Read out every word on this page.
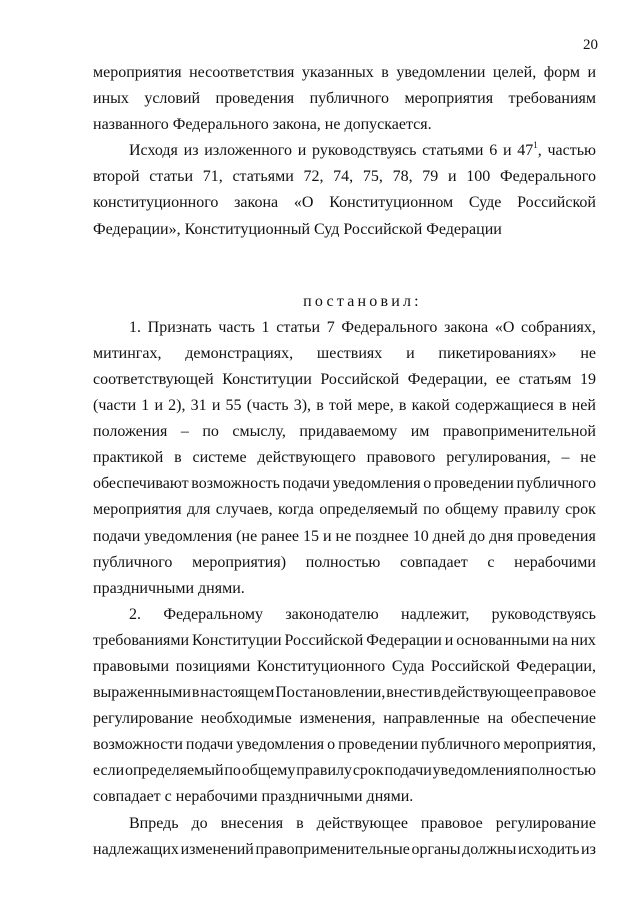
20
мероприятия несоответствия указанных в уведомлении целей, форм и
иных условий проведения публичного мероприятия требованиям
названного Федерального закона, не допускается.
Исходя из изложенного и руководствуясь статьями 6 и $47^1$, частью
второй статьи 71, статьями 72, 74, 75, 78, 79 и 100 Федерального
конституционного закона «О Конституционном Суде Российской
Федерации», Конституционный Суд Российской Федерации
постановил:
1. Признать часть 1 статьи 7 Федерального закона «О собраниях,
митингах, демонстрациях, шествиях и пикетированиях» не
соответствующей Конституции Российской Федерации, ее статьям 19
(части 1 и 2), 31 и 55 (часть 3), в той мере, в какой содержащиеся в ней
положения – по смыслу, придаваемому им правоприменительной
практикой в системе действующего правового регулирования, – не
обеспечивают возможность подачи уведомления о проведении публичного
мероприятия для случаев, когда определяемый по общему правилу срок
подачи уведомления (не ранее 15 и не позднее 10 дней до дня проведения
публичного мероприятия) полностью совпадает с нерабочими
праздничными днями.
2. Федеральному законодателю надлежит, руководствуясь
требованиями Конституции Российской Федерации и основанными на них
правовыми позициями Конституционного Суда Российской Федерации,
выраженными в настоящем Постановлении, внести в действующее правовое
регулирование необходимые изменения, направленные на обеспечение
возможности подачи уведомления о проведении публичного мероприятия,
если определяемый по общему правилу срок подачи уведомления полностью
совпадает с нерабочими праздничными днями.
Впредь до внесения в действующее правовое регулирование
надлежащих изменений правоприменительные органы должны исходить из
